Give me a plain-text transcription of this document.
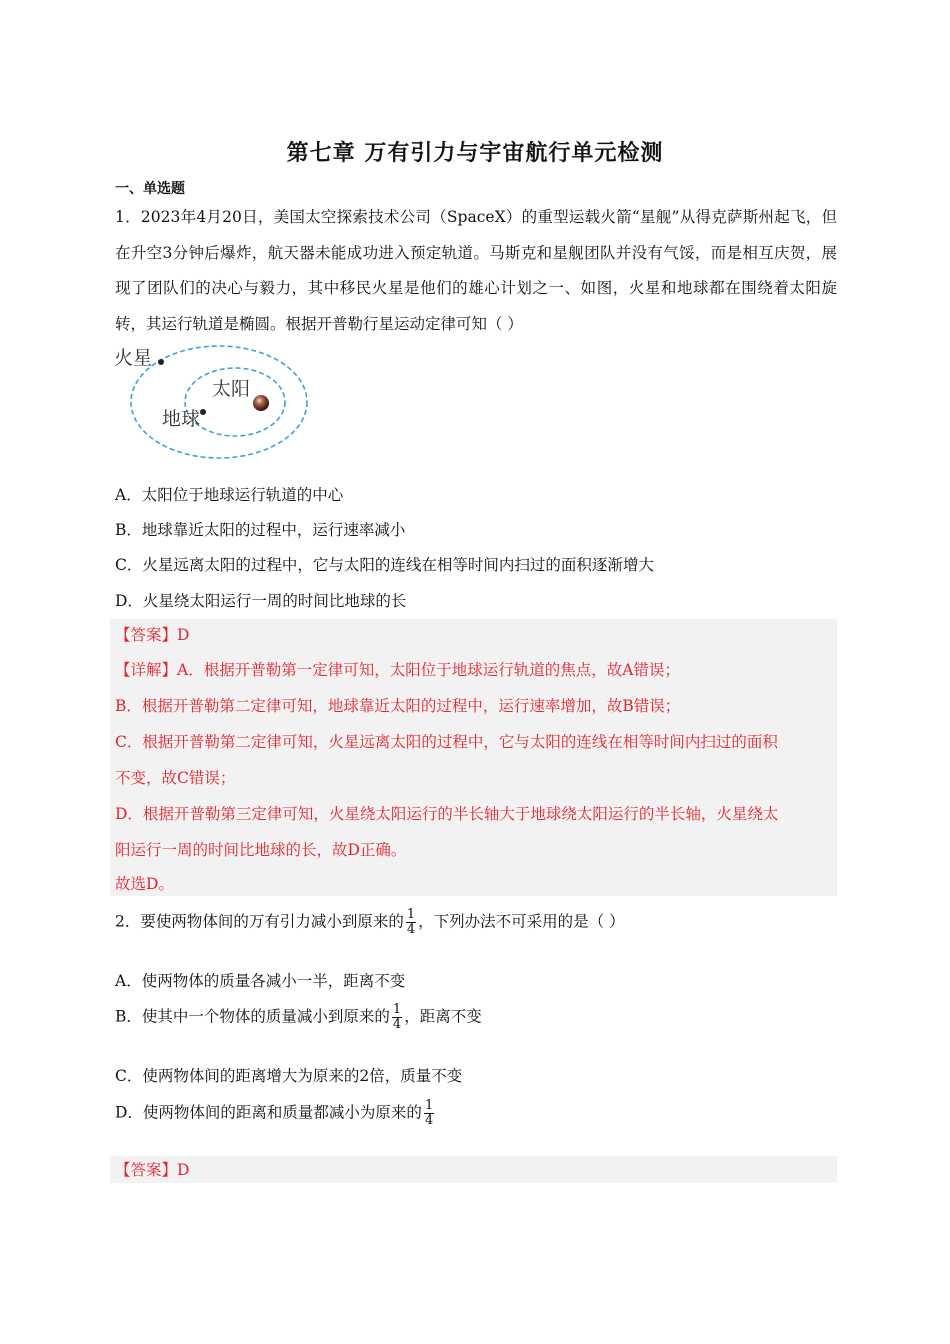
第七章 万有引力与宇宙航行单元检测
一、单选题
1．2023年4月20日，美国太空探索技术公司（SpaceX）的重型运载火箭“星舰”从得克萨斯州起飞，但在升空3分钟后爆炸，航天器未能成功进入预定轨道。马斯克和星舰团队并没有气馁，而是相互庆贺，展现了团队们的决心与毅力，其中移民火星是他们的雄心计划之一、如图，火星和地球都在围绕着太阳旋转，其运行轨道是椭圆。根据开普勒行星运动定律可知（ ）
火星
太阳
地球
A．太阳位于地球运行轨道的中心
B．地球靠近太阳的过程中，运行速率减小
C．火星远离太阳的过程中，它与太阳的连线在相等时间内扫过的面积逐渐增大
D．火星绕太阳运行一周的时间比地球的长
【答案】D
【详解】A．根据开普勒第一定律可知，太阳位于地球运行轨道的焦点，故A错误；
B．根据开普勒第二定律可知，地球靠近太阳的过程中，运行速率增加，故B错误；
C．根据开普勒第二定律可知，火星远离太阳的过程中，它与太阳的连线在相等时间内扫过的面积
不变，故C错误；
D．根据开普勒第三定律可知，火星绕太阳运行的半长轴大于地球绕太阳运行的半长轴，火星绕太
阳运行一周的时间比地球的长，故D正确。
故选D。
2．要使两物体间的万有引力减小到原来的 $\frac{1}{4}$ ，下列办法不可采用的是（ ）
A．使两物体的质量各减小一半，距离不变
B．使其中一个物体的质量减小到原来的 $\frac{1}{4}$ ，距离不变
C．使两物体间的距离增大为原来的2倍，质量不变
D．使两物体间的距离和质量都减小为原来的 $\frac{1}{4}$
【答案】D
